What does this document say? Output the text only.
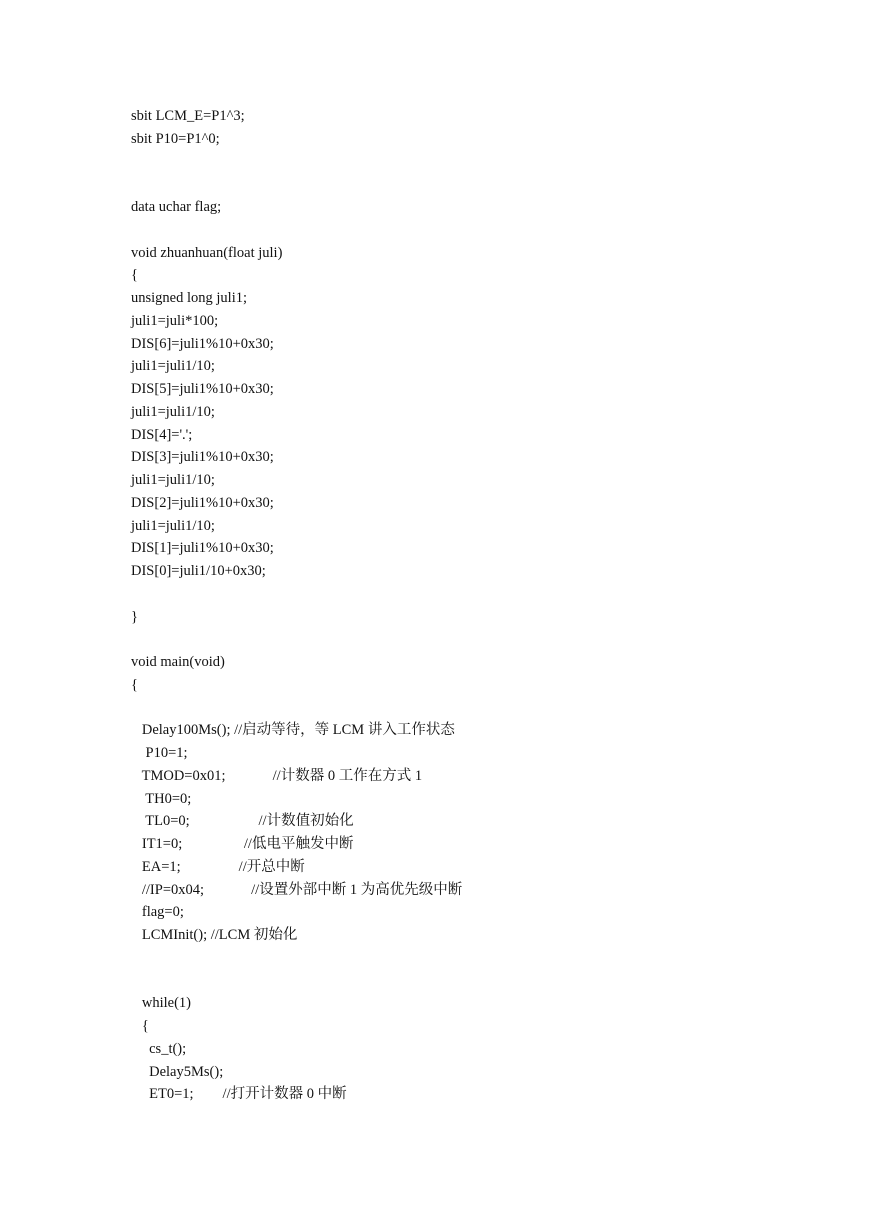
sbit LCM_E=P1^3;
sbit P10=P1^0;
data uchar flag;
void zhuanhuan(float juli)
{
unsigned long juli1;
juli1=juli*100;
DIS[6]=juli1%10+0x30;
juli1=juli1/10;
DIS[5]=juli1%10+0x30;
juli1=juli1/10;
DIS[4]='.';
DIS[3]=juli1%10+0x30;
juli1=juli1/10;
DIS[2]=juli1%10+0x30;
juli1=juli1/10;
DIS[1]=juli1%10+0x30;
DIS[0]=juli1/10+0x30;
}
void main(void)
{
Delay100Ms(); //启动等待，等 LCM 讲入工作状态
P10=1;
TMOD=0x01;             //计数器 0 工作在方式 1
TH0=0;
TL0=0;                   //计数值初始化
IT1=0;                 //低电平触发中断
EA=1;                //开总中断
//IP=0x04;             //设置外部中断 1 为高优先级中断
flag=0;
LCMInit(); //LCM 初始化
while(1)
{
cs_t();
Delay5Ms();
ET0=1;        //打开计数器 0 中断
